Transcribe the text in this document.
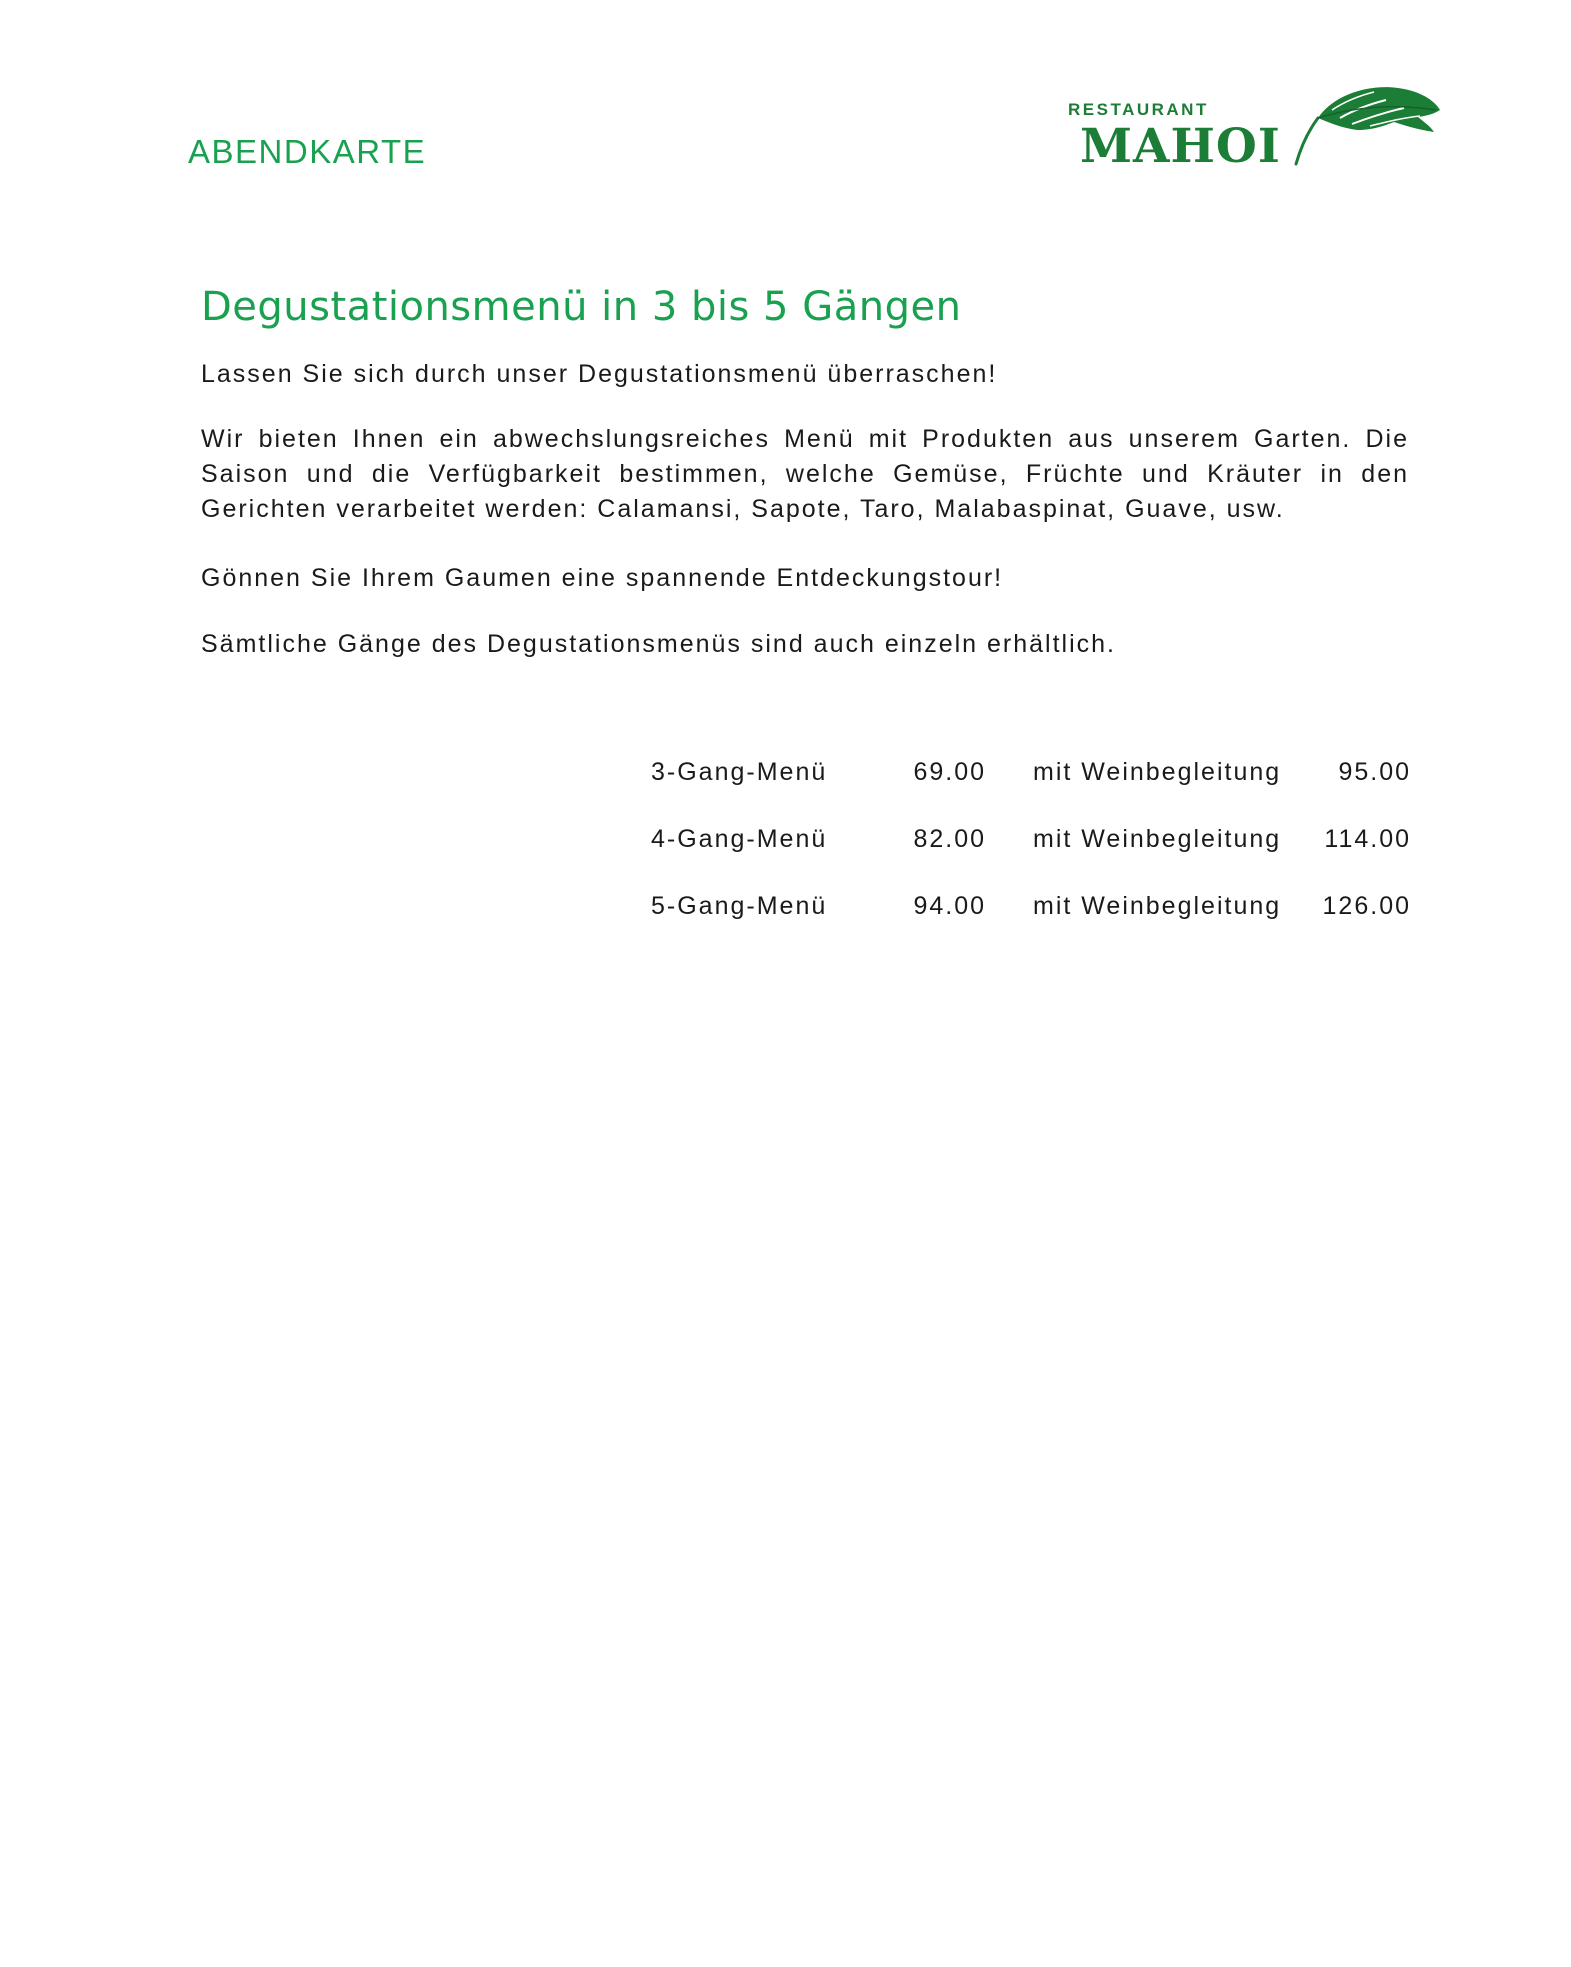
ABENDKARTE
RESTAURANT
MAHOI
Degustationsmenü in 3 bis 5 Gängen

Lassen Sie sich durch unser Degustationsmenü überraschen!

Wir bieten Ihnen ein abwechslungsreiches Menü mit Produkten aus unserem Garten. Die Saison und die Verfügbarkeit bestimmen, welche Gemüse, Früchte und Kräuter in den Gerichten verarbeitet werden: Calamansi, Sapote, Taro, Malabaspinat, Guave, usw.

Gönnen Sie Ihrem Gaumen eine spannende Entdeckungstour!

Sämtliche Gänge des Degustationsmenüs sind auch einzeln erhältlich.

3-Gang-Menü	69.00 mit Weinbegleitung	95.00
4-Gang-Menü	82.00 mit Weinbegleitung	114.00
5-Gang-Menü	94.00 mit Weinbegleitung	126.00
